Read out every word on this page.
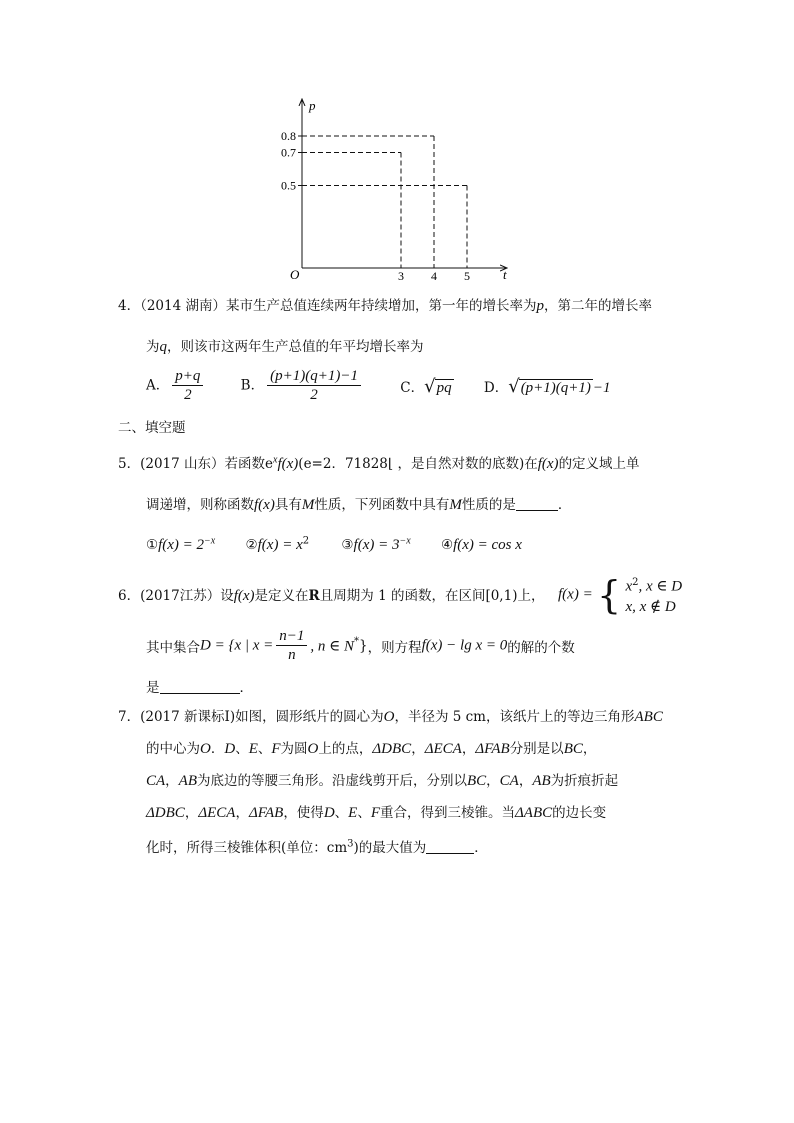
0.5
0.7
0.8
3 4 5
p
t
O
4．（2014 湖南）某市生产总值连续两年持续增加，第一年的增长率为p，第二年的增长率
为q，则该市这两年生产总值的年平均增长率为
A． $\frac{p+q}{2}$	B． $\frac{(p+1)(q+1)-1}{2}$	C．√pq D．√(p+1)(q+1) −1
二、填空题
5．(2017 山东）若函数$e^xf(x)(e=2$．71828⌊ ，是自然对数的底数)在f(x)的定义域上单
调递增，则称函数f(x)具有M性质，下列函数中具有M性质的是	．
①f(x) = $2^{-x}$ ②f(x) = $x^2$ ③f(x) = $3^{-x}$ ④f(x) = cos x
6．(2017江苏）设f(x)是定义在R且周期为 1 的函数，在区间[0,1)上， f(x) = { $x^2$, x ∈ D
x, x ∉ D
其中集合D = {x | $x = \frac{n-1}{n}$ , n ∈ N*}，则方程f(x) − lg x = 0的解的个数
是	．
7．(2017 新课标Ⅰ)如图，圆形纸片的圆心为O，半径为 5 cm，该纸片上的等边三角形ABC
的中心为O．D、E、F为圆O上的点，ΔDBC，ΔECA，ΔFAB分别是以BC，
CA，AB为底边的等腰三角形。沿虚线剪开后，分别以BC，CA，AB为折痕折起
ΔDBC，ΔECA，ΔFAB，使得D、E、F重合，得到三棱锥。当ΔABC的边长变
化时，所得三棱锥体积(单位：$cm^3$)的最大值为	．
